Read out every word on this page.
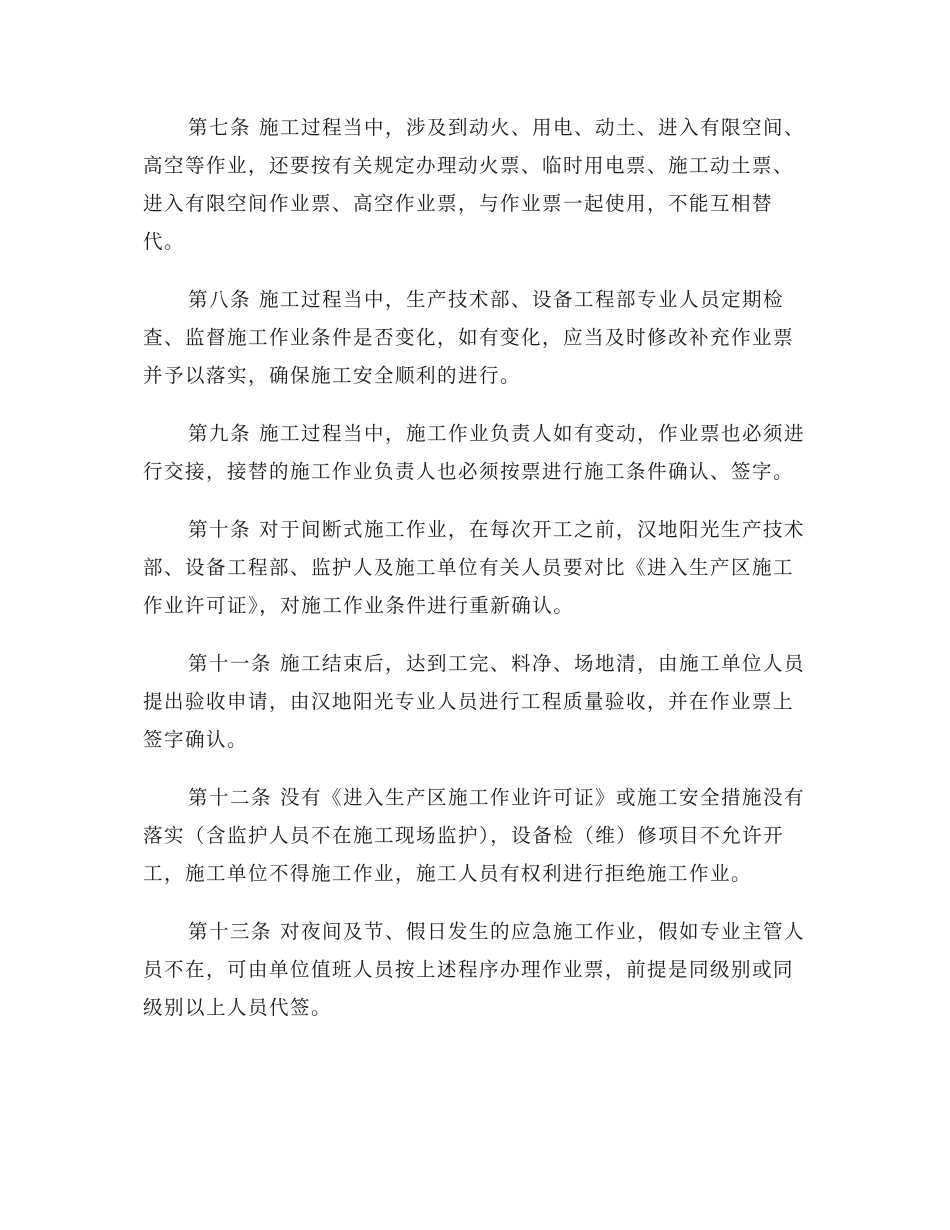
第七条 施工过程当中，涉及到动火、用电、动土、进入有限空间、高空等作业，还要按有关规定办理动火票、临时用电票、施工动土票、进入有限空间作业票、高空作业票，与作业票一起使用，不能互相替代。

第八条 施工过程当中，生产技术部、设备工程部专业人员定期检查、监督施工作业条件是否变化，如有变化，应当及时修改补充作业票并予以落实，确保施工安全顺利的进行。

第九条 施工过程当中，施工作业负责人如有变动，作业票也必须进行交接，接替的施工作业负责人也必须按票进行施工条件确认、签字。

第十条 对于间断式施工作业，在每次开工之前，汉地阳光生产技术部、设备工程部、监护人及施工单位有关人员要对比《进入生产区施工作业许可证》，对施工作业条件进行重新确认。

第十一条 施工结束后，达到工完、料净、场地清，由施工单位人员提出验收申请，由汉地阳光专业人员进行工程质量验收，并在作业票上签字确认。

第十二条 没有《进入生产区施工作业许可证》或施工安全措施没有落实（含监护人员不在施工现场监护），设备检（维）修项目不允许开工，施工单位不得施工作业，施工人员有权利进行拒绝施工作业。

第十三条 对夜间及节、假日发生的应急施工作业，假如专业主管人员不在，可由单位值班人员按上述程序办理作业票，前提是同级别或同级别以上人员代签。
